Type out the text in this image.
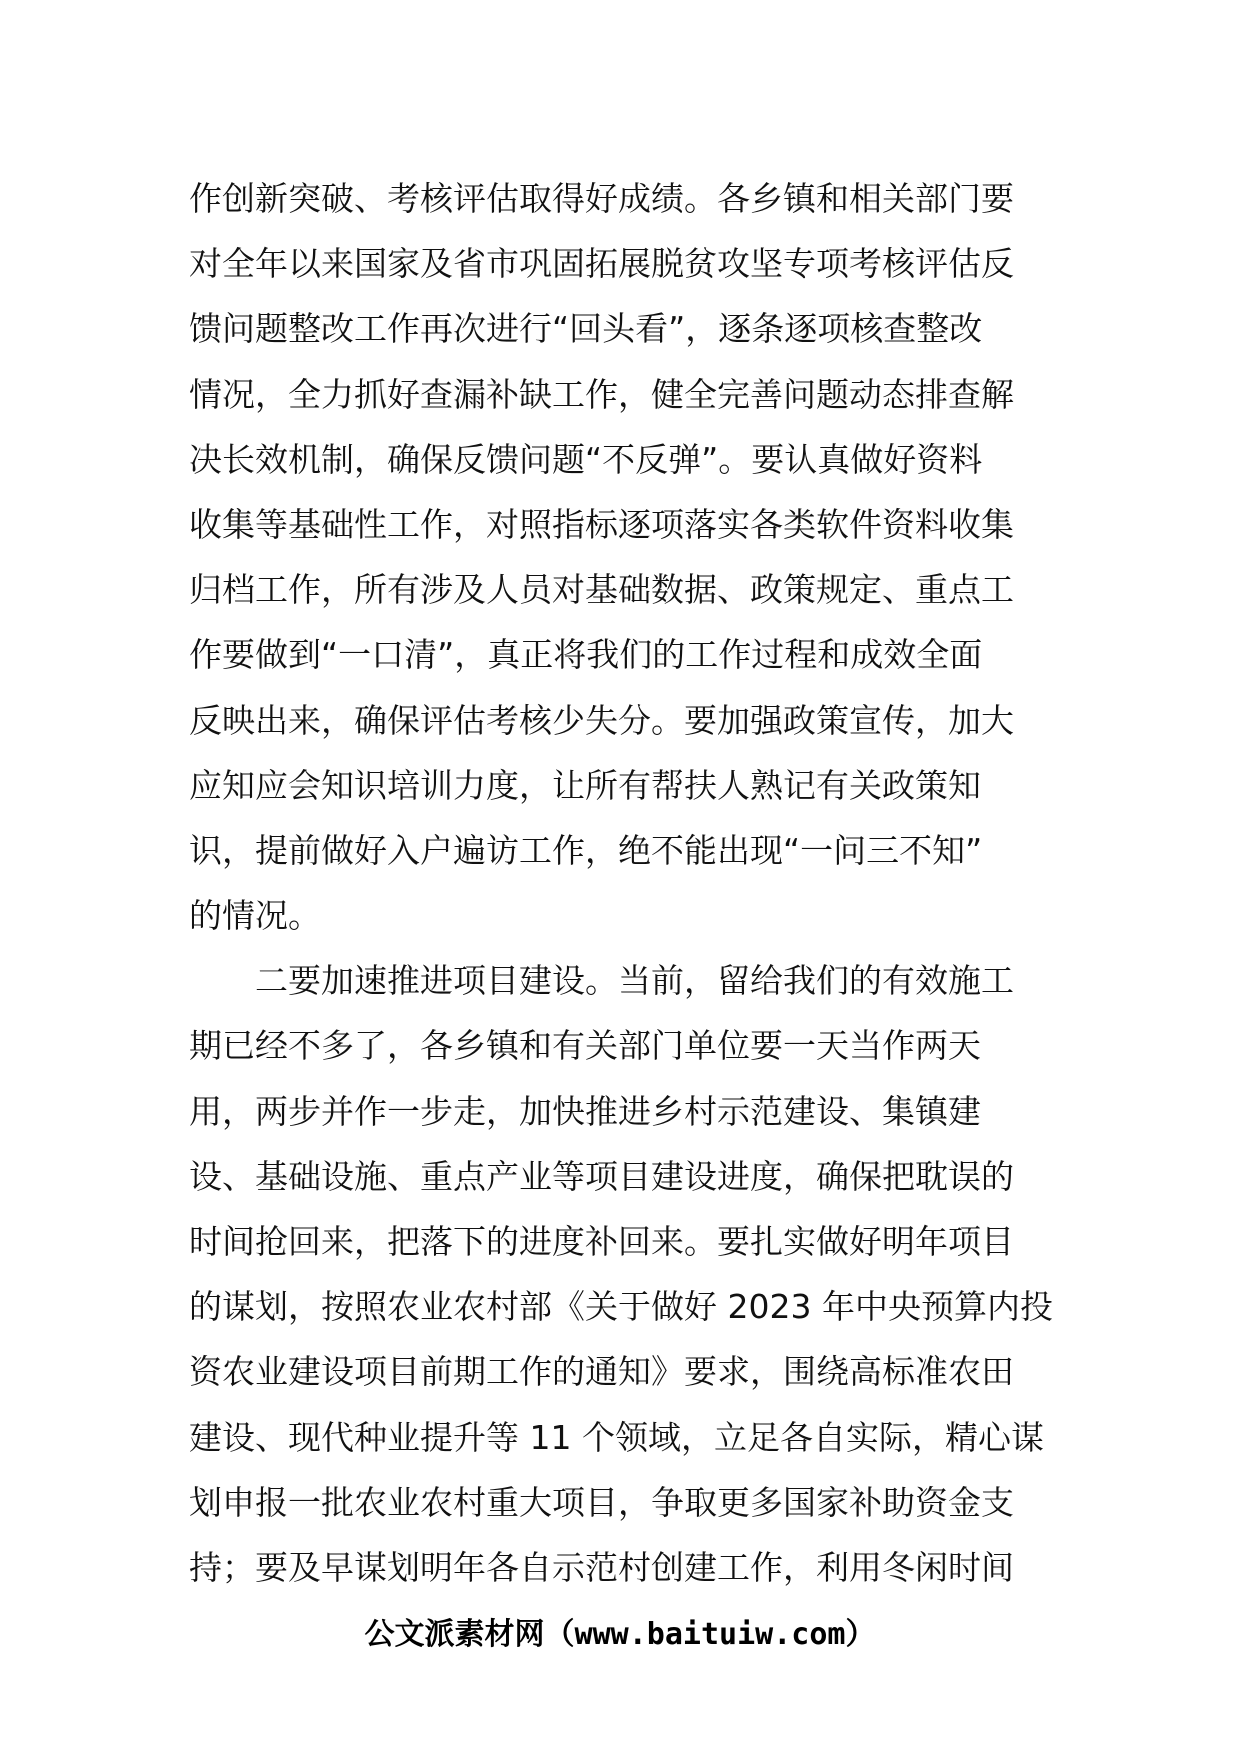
作创新突破、考核评估取得好成绩。各乡镇和相关部门要
对全年以来国家及省市巩固拓展脱贫攻坚专项考核评估反
馈问题整改工作再次进行“回头看”，逐条逐项核查整改
情况，全力抓好查漏补缺工作，健全完善问题动态排查解
决长效机制，确保反馈问题“不反弹”。要认真做好资料
收集等基础性工作，对照指标逐项落实各类软件资料收集
归档工作，所有涉及人员对基础数据、政策规定、重点工
作要做到“一口清”，真正将我们的工作过程和成效全面
反映出来，确保评估考核少失分。要加强政策宣传，加大
应知应会知识培训力度，让所有帮扶人熟记有关政策知
识，提前做好入户遍访工作，绝不能出现“一问三不知”
的情况。
二要加速推进项目建设。当前，留给我们的有效施工
期已经不多了，各乡镇和有关部门单位要一天当作两天
用，两步并作一步走，加快推进乡村示范建设、集镇建
设、基础设施、重点产业等项目建设进度，确保把耽误的
时间抢回来，把落下的进度补回来。要扎实做好明年项目
的谋划，按照农业农村部《关于做好 2023 年中央预算内投
资农业建设项目前期工作的通知》要求，围绕高标准农田
建设、现代种业提升等 11 个领域，立足各自实际，精心谋
划申报一批农业农村重大项目，争取更多国家补助资金支
持；要及早谋划明年各自示范村创建工作，利用冬闲时间
公文派素材网（www.baituiw.com）
